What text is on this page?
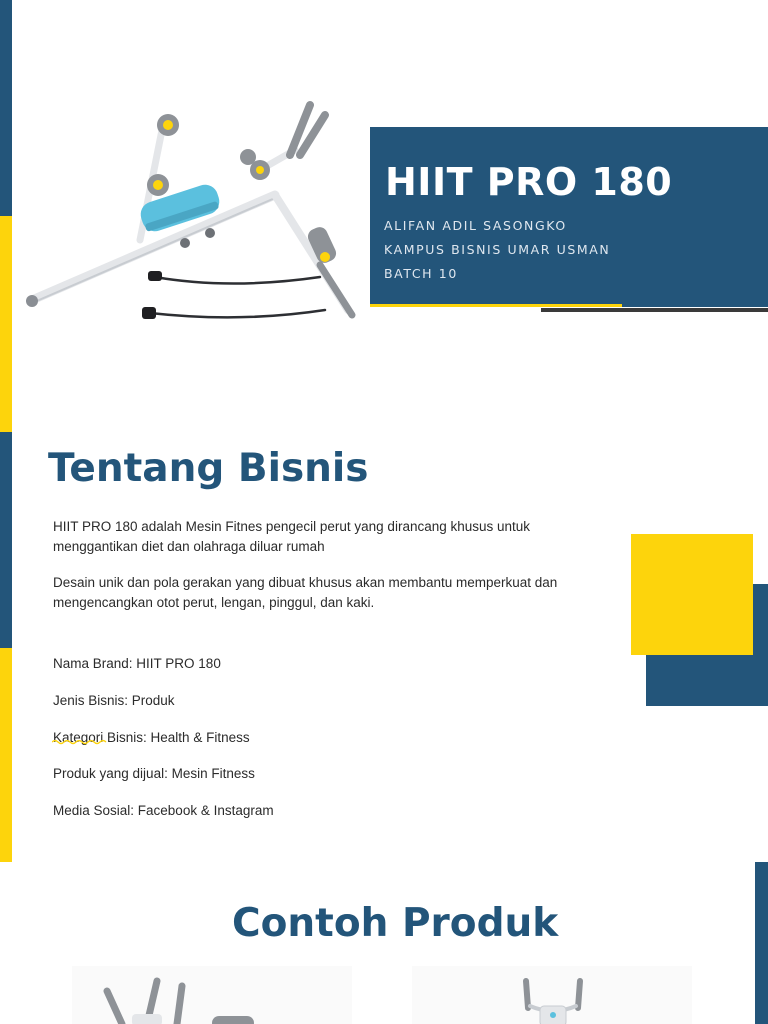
HIIT PRO 180
ALIFAN ADIL SASONGKO
KAMPUS BISNIS UMAR USMAN
BATCH 10
Tentang Bisnis

HIIT PRO 180 adalah Mesin Fitnes pengecil perut yang dirancang khusus untuk menggantikan diet dan olahraga diluar rumah

Desain unik dan pola gerakan yang dibuat khusus akan membantu memperkuat dan mengencangkan otot perut, lengan, pinggul, dan kaki.

Nama Brand: HIIT PRO 180

Jenis Bisnis: Produk

Kategori Bisnis: Health & Fitness

Produk yang dijual: Mesin Fitness

Media Sosial: Facebook & Instagram

Contoh Produk
